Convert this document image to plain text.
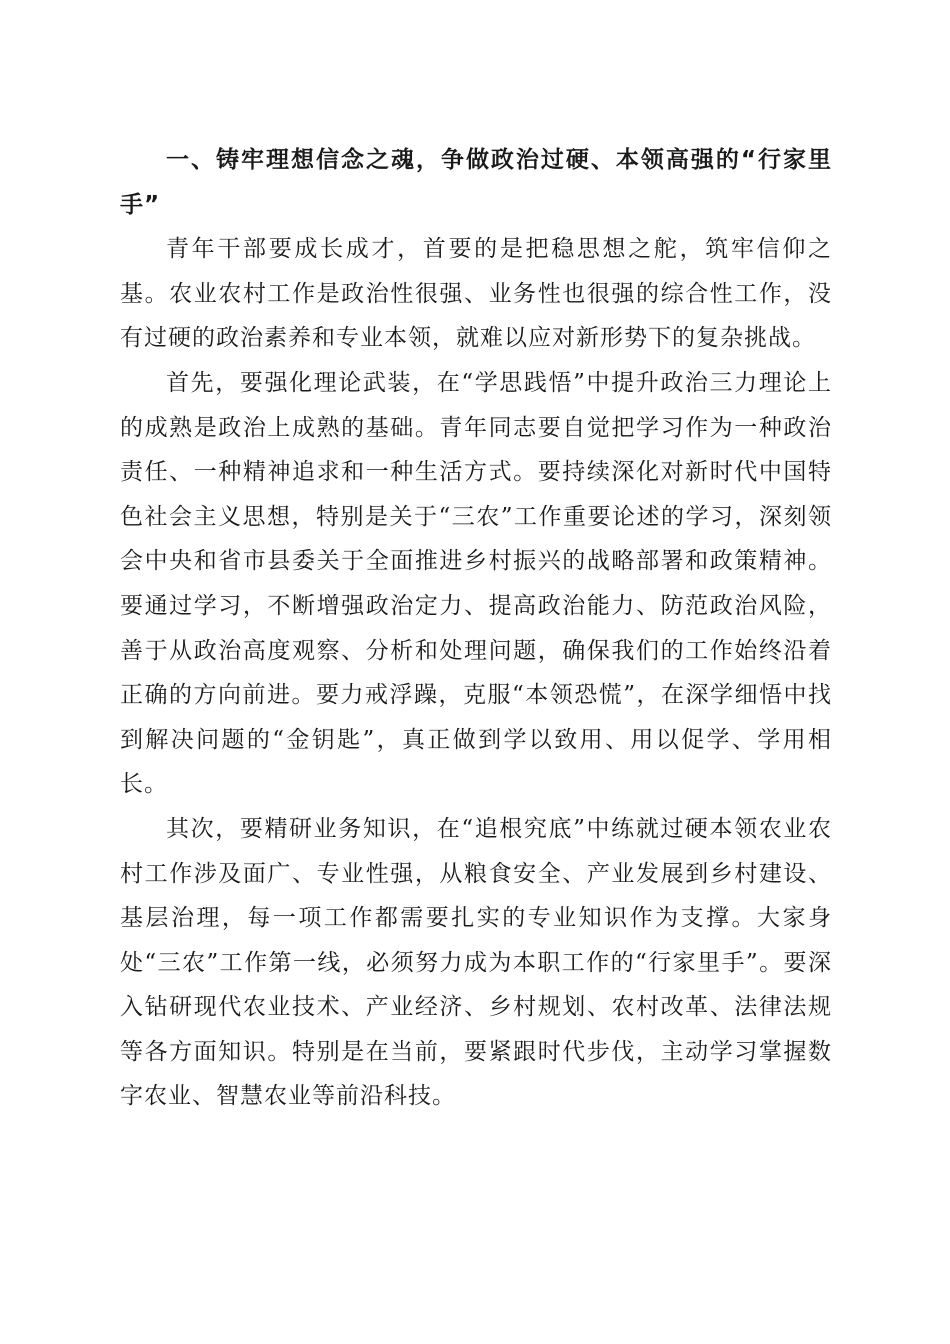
一、铸牢理想信念之魂，争做政治过硬、本领高强的“行家里手”

青年干部要成长成才，首要的是把稳思想之舵，筑牢信仰之基。农业农村工作是政治性很强、业务性也很强的综合性工作，没有过硬的政治素养和专业本领，就难以应对新形势下的复杂挑战。

首先，要强化理论武装，在“学思践悟”中提升政治三力理论上的成熟是政治上成熟的基础。青年同志要自觉把学习作为一种政治责任、一种精神追求和一种生活方式。要持续深化对新时代中国特色社会主义思想，特别是关于“三农”工作重要论述的学习，深刻领会中央和省市县委关于全面推进乡村振兴的战略部署和政策精神。要通过学习，不断增强政治定力、提高政治能力、防范政治风险，善于从政治高度观察、分析和处理问题，确保我们的工作始终沿着正确的方向前进。要力戒浮躁，克服“本领恐慌”，在深学细悟中找到解决问题的“金钥匙”，真正做到学以致用、用以促学、学用相长。

其次，要精研业务知识，在“追根究底”中练就过硬本领农业农村工作涉及面广、专业性强，从粮食安全、产业发展到乡村建设、基层治理，每一项工作都需要扎实的专业知识作为支撑。大家身处“三农”工作第一线，必须努力成为本职工作的“行家里手”。要深入钻研现代农业技术、产业经济、乡村规划、农村改革、法律法规等各方面知识。特别是在当前，要紧跟时代步伐，主动学习掌握数字农业、智慧农业等前沿科技。
